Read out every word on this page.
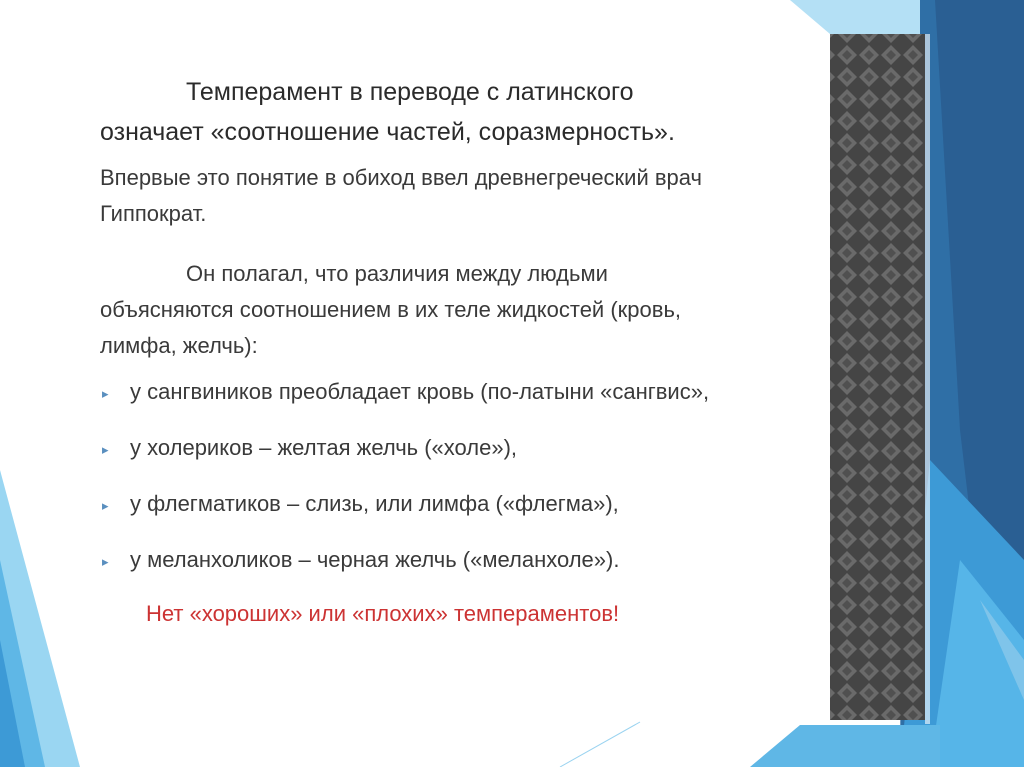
Темперамент в переводе с латинского
означает «соотношение частей, соразмерность».

Впервые это понятие в обиход ввел древнегреческий врач
Гиппократ.

Он полагал, что различия между людьми
объясняются соотношением в их теле жидкостей (кровь,
лимфа, желчь):

▸ у сангвиников преобладает кровь (по-латыни «сангвис»,
▸ у холериков – желтая желчь («холе»),
▸ у флегматиков – слизь, или лимфа («флегма»),
▸ у меланхоликов – черная желчь («меланхоле»).

Нет «хороших» или «плохих» темпераментов!
